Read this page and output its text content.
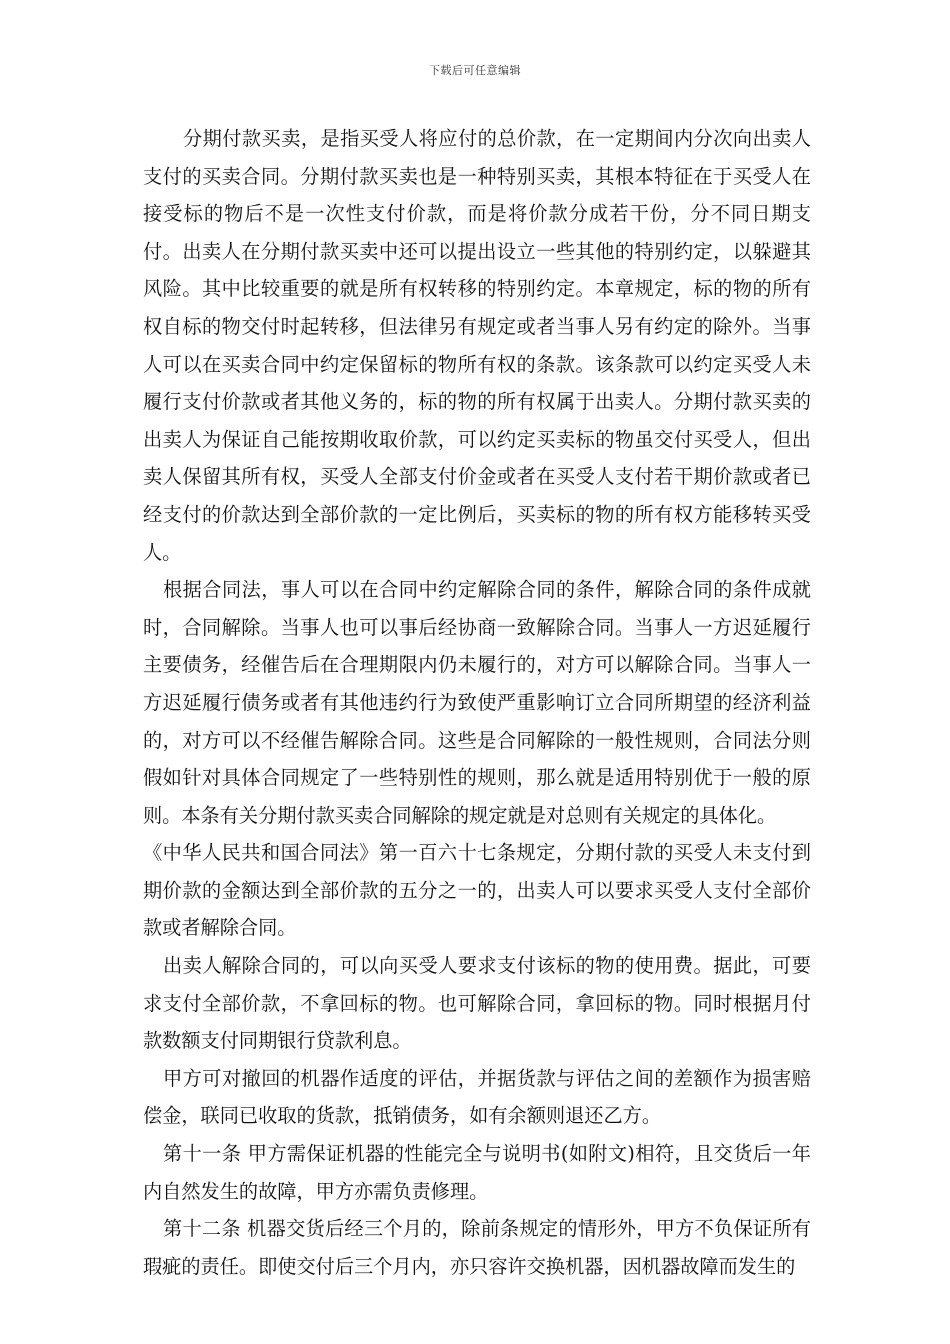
下载后可任意编辑

分期付款买卖，是指买受人将应付的总价款，在一定期间内分次向出卖人支付的买卖合同。分期付款买卖也是一种特别买卖，其根本特征在于买受人在接受标的物后不是一次性支付价款，而是将价款分成若干份，分不同日期支付。出卖人在分期付款买卖中还可以提出设立一些其他的特别约定，以躲避其风险。其中比较重要的就是所有权转移的特别约定。本章规定，标的物的所有权自标的物交付时起转移，但法律另有规定或者当事人另有约定的除外。当事人可以在买卖合同中约定保留标的物所有权的条款。该条款可以约定买受人未履行支付价款或者其他义务的，标的物的所有权属于出卖人。分期付款买卖的出卖人为保证自己能按期收取价款，可以约定买卖标的物虽交付买受人，但出卖人保留其所有权，买受人全部支付价金或者在买受人支付若干期价款或者已经支付的价款达到全部价款的一定比例后，买卖标的物的所有权方能移转买受人。

根据合同法，事人可以在合同中约定解除合同的条件，解除合同的条件成就时，合同解除。当事人也可以事后经协商一致解除合同。当事人一方迟延履行主要债务，经催告后在合理期限内仍未履行的，对方可以解除合同。当事人一方迟延履行债务或者有其他违约行为致使严重影响订立合同所期望的经济利益的，对方可以不经催告解除合同。这些是合同解除的一般性规则，合同法分则假如针对具体合同规定了一些特别性的规则，那么就是适用特别优于一般的原则。本条有关分期付款买卖合同解除的规定就是对总则有关规定的具体化。

《中华人民共和国合同法》第一百六十七条规定，分期付款的买受人未支付到期价款的金额达到全部价款的五分之一的，出卖人可以要求买受人支付全部价款或者解除合同。

出卖人解除合同的，可以向买受人要求支付该标的物的使用费。据此，可要求支付全部价款，不拿回标的物。也可解除合同，拿回标的物。同时根据月付款数额支付同期银行贷款利息。

甲方可对撤回的机器作适度的评估，并据货款与评估之间的差额作为损害赔偿金，联同已收取的货款，抵销债务，如有余额则退还乙方。

第十一条 甲方需保证机器的性能完全与说明书(如附文)相符，且交货后一年内自然发生的故障，甲方亦需负责修理。

第十二条 机器交货后经三个月的，除前条规定的情形外，甲方不负保证所有瑕疵的责任。即使交付后三个月内，亦只容许交换机器，因机器故障而发生的
